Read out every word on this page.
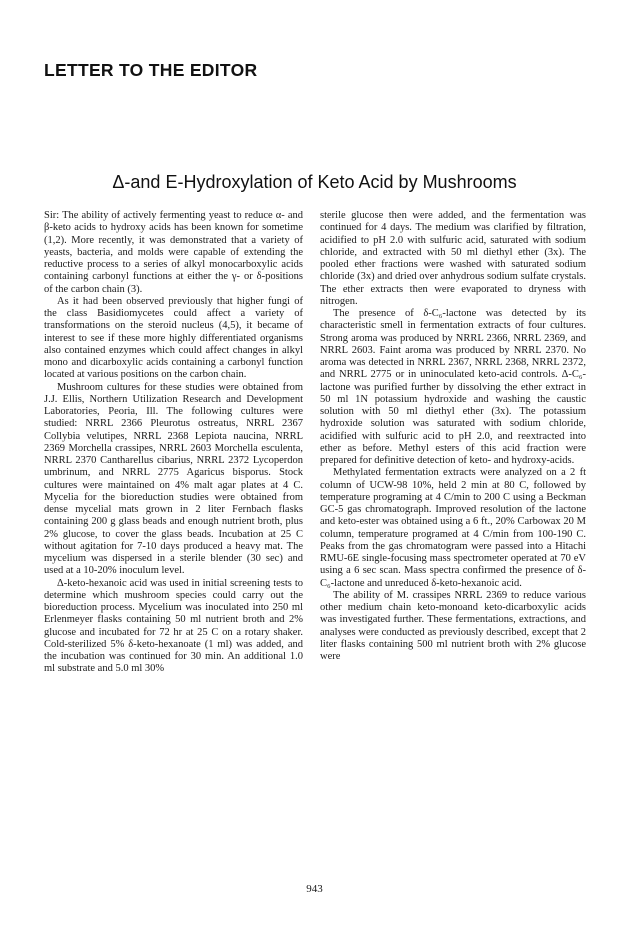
LETTER TO THE EDITOR
Δ-and Ε-Hydroxylation of Keto Acid by Mushrooms

Sir: The ability of actively fermenting yeast to reduce α- and β-keto acids to hydroxy acids has been known for sometime (1,2). More recently, it was demonstrated that a variety of yeasts, bacteria, and molds were capable of extending the reductive process to a series of alkyl monocarboxylic acids containing carbonyl functions at either the γ- or δ-positions of the carbon chain (3).

As it had been observed previously that higher fungi of the class Basidiomycetes could affect a variety of transformations on the steroid nucleus (4,5), it became of interest to see if these more highly differentiated organisms also contained enzymes which could affect changes in alkyl mono and dicarboxylic acids containing a carbonyl function located at various positions on the carbon chain.

Mushroom cultures for these studies were obtained from J.J. Ellis, Northern Utilization Research and Development Laboratories, Peoria, Ill. The following cultures were studied: NRRL 2366 Pleurotus ostreatus, NRRL 2367 Collybia velutipes, NRRL 2368 Lepiota naucina, NRRL 2369 Morchella crassipes, NRRL 2603 Morchella esculenta, NRRL 2370 Cantharellus cibarius, NRRL 2372 Lycoperdon umbrinum, and NRRL 2775 Agaricus bisporus. Stock cultures were maintained on 4% malt agar plates at 4 C. Mycelia for the bioreduction studies were obtained from dense mycelial mats grown in 2 liter Fernbach flasks containing 200 g glass beads and enough nutrient broth, plus 2% glucose, to cover the glass beads. Incubation at 25 C without agitation for 7-10 days produced a heavy mat. The mycelium was dispersed in a sterile blender (30 sec) and used at a 10-20% inoculum level.

Δ-keto-hexanoic acid was used in initial screening tests to determine which mushroom species could carry out the bioreduction process. Mycelium was inoculated into 250 ml Erlenmeyer flasks containing 50 ml nutrient broth and 2% glucose and incubated for 72 hr at 25 C on a rotary shaker. Cold-sterilized 5% δ-keto-hexanoate (1 ml) was added, and the incubation was continued for 30 min. An additional 1.0 ml substrate and 5.0 ml 30%

sterile glucose then were added, and the fermentation was continued for 4 days. The medium was clarified by filtration, acidified to pH 2.0 with sulfuric acid, saturated with sodium chloride, and extracted with 50 ml diethyl ether (3x). The pooled ether fractions were washed with saturated sodium chloride (3x) and dried over anhydrous sodium sulfate crystals. The ether extracts then were evaporated to dryness with nitrogen.

The presence of δ-C₆-lactone was detected by its characteristic smell in fermentation extracts of four cultures. Strong aroma was produced by NRRL 2366, NRRL 2369, and NRRL 2603. Faint aroma was produced by NRRL 2370. No aroma was detected in NRRL 2367, NRRL 2368, NRRL 2372, and NRRL 2775 or in uninoculated keto-acid controls. Δ-C₆-lactone was purified further by dissolving the ether extract in 50 ml 1N potassium hydroxide and washing the caustic solution with 50 ml diethyl ether (3x). The potassium hydroxide solution was saturated with sodium chloride, acidified with sulfuric acid to pH 2.0, and reextracted into ether as before. Methyl esters of this acid fraction were prepared for definitive detection of keto- and hydroxy-acids.

Methylated fermentation extracts were analyzed on a 2 ft column of UCW-98 10%, held 2 min at 80 C, followed by temperature programing at 4 C/min to 200 C using a Beckman GC-5 gas chromatograph. Improved resolution of the lactone and keto-ester was obtained using a 6 ft., 20% Carbowax 20 M column, temperature programed at 4 C/min from 100-190 C. Peaks from the gas chromatogram were passed into a Hitachi RMU-6E single-focusing mass spectrometer operated at 70 eV using a 6 sec scan. Mass spectra confirmed the presence of δ-C₆-lactone and unreduced δ-keto-hexanoic acid.

The ability of M. crassipes NRRL 2369 to reduce various other medium chain keto-monoand keto-dicarboxylic acids was investigated further. These fermentations, extractions, and analyses were conducted as previously described, except that 2 liter flasks containing 500 ml nutrient broth with 2% glucose were

943
